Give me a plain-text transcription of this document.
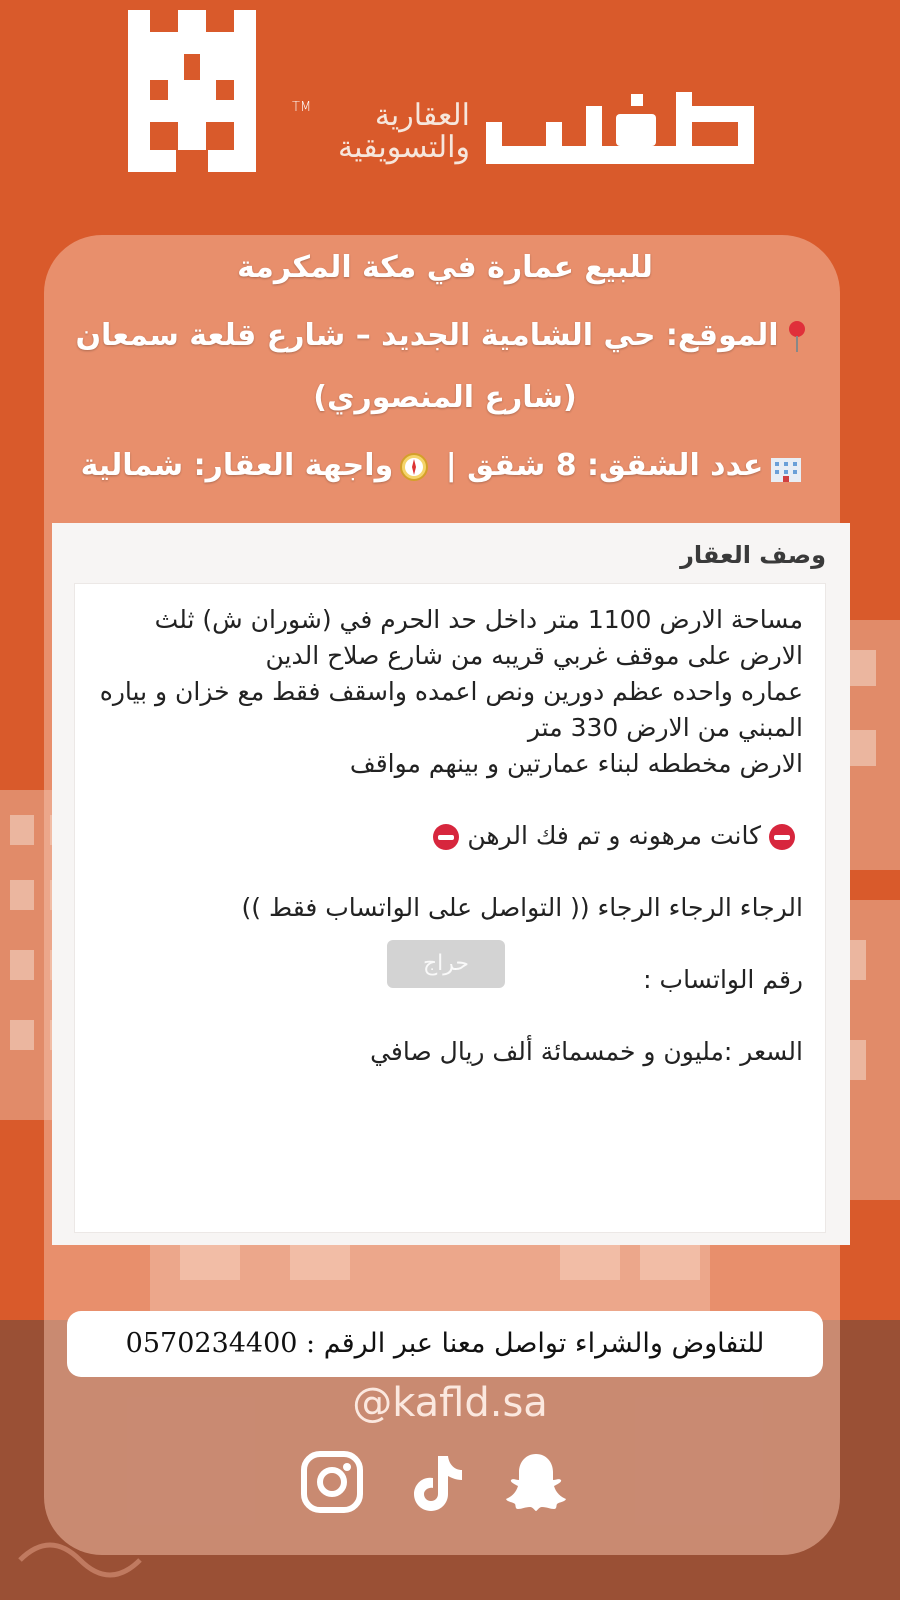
TM	العقارية
والتسويقية
للبيع عمارة في مكة المكرمة
الموقع: حي الشامية الجديد – شارع قلعة سمعان
(شارع المنصوري)
عدد الشقق: 8 شقق | واجهة العقار: شمالية
وصف العقار

مساحة الارض 1100 متر داخل حد الحرم في (شوران ش) ثلث الارض على موقف غربي قريبه من شارع صلاح الدين

عماره واحده عظم دورين ونص اعمده واسقف فقط مع خزان و بياره

المبني من الارض 330 متر

الارض مخططه لبناء عمارتين و بينهم مواقف

كانت مرهونه و تم فك الرهن

الرجاء الرجاء الرجاء (( التواصل على الواتساب فقط ))

رقم الواتساب :

السعر :مليون و خمسمائة ألف ريال صافي

حراج
للتفاوض والشراء تواصل معنا عبر الرقم : 0570234400
@kafld.sa
